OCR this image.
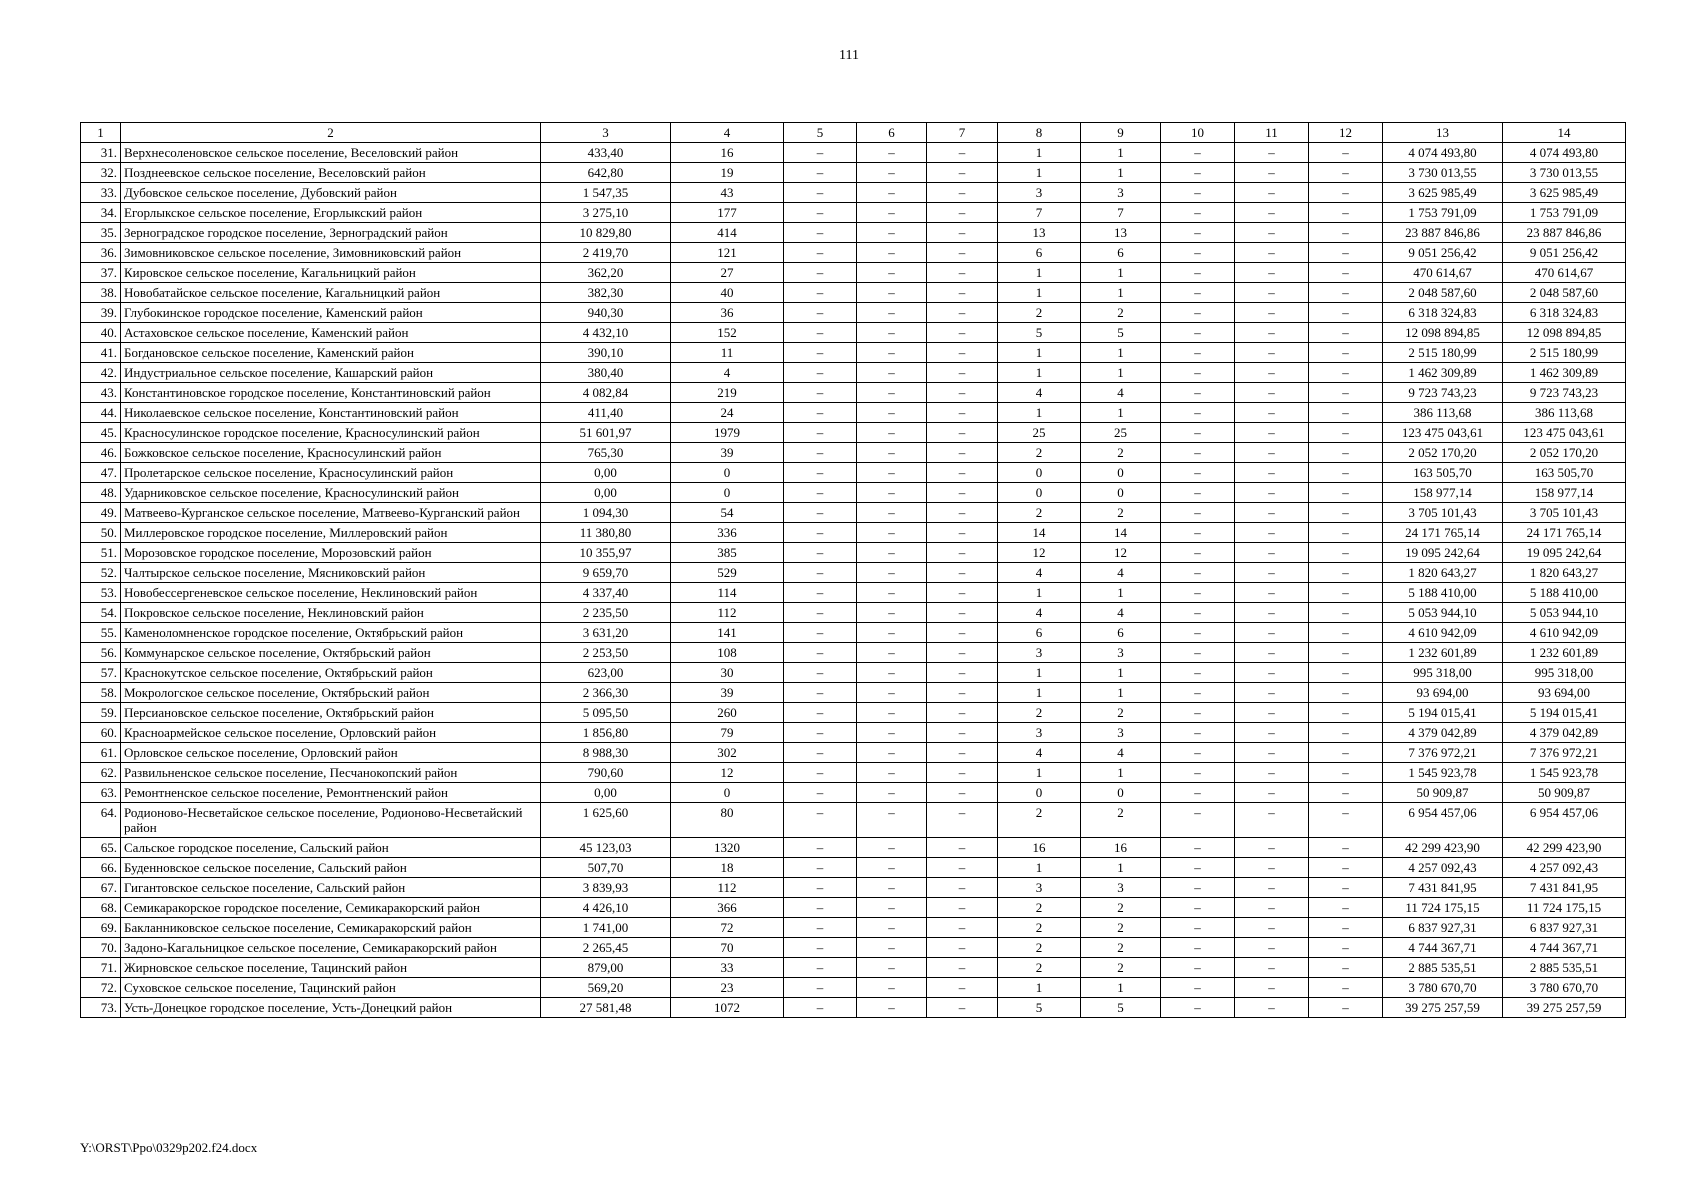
111
1	2	3	4	5	6	7	8	9	10	11	12	13	14
31.	Верхнесоленовское сельское поселение, Веселовский район	433,40	16	–	–	–	1	1	–	–	–	4 074 493,80	4 074 493,80
32.	Позднеевское сельское поселение, Веселовский район	642,80	19	–	–	–	1	1	–	–	–	3 730 013,55	3 730 013,55
33.	Дубовское сельское поселение, Дубовский район	1 547,35	43	–	–	–	3	3	–	–	–	3 625 985,49	3 625 985,49
34.	Егорлыкское сельское поселение, Егорлыкский район	3 275,10	177	–	–	–	7	7	–	–	–	1 753 791,09	1 753 791,09
35.	Зерноградское городское поселение, Зерноградский район	10 829,80	414	–	–	–	13	13	–	–	–	23 887 846,86	23 887 846,86
36.	Зимовниковское сельское поселение, Зимовниковский район	2 419,70	121	–	–	–	6	6	–	–	–	9 051 256,42	9 051 256,42
37.	Кировское сельское поселение, Кагальницкий район	362,20	27	–	–	–	1	1	–	–	–	470 614,67	470 614,67
38.	Новобатайское сельское поселение, Кагальницкий район	382,30	40	–	–	–	1	1	–	–	–	2 048 587,60	2 048 587,60
39.	Глубокинское городское поселение, Каменский район	940,30	36	–	–	–	2	2	–	–	–	6 318 324,83	6 318 324,83
40.	Астаховское сельское поселение, Каменский район	4 432,10	152	–	–	–	5	5	–	–	–	12 098 894,85	12 098 894,85
41.	Богдановское сельское поселение, Каменский район	390,10	11	–	–	–	1	1	–	–	–	2 515 180,99	2 515 180,99
42.	Индустриальное сельское поселение, Кашарский район	380,40	4	–	–	–	1	1	–	–	–	1 462 309,89	1 462 309,89
43.	Константиновское городское поселение, Константиновский район	4 082,84	219	–	–	–	4	4	–	–	–	9 723 743,23	9 723 743,23
44.	Николаевское сельское поселение, Константиновский район	411,40	24	–	–	–	1	1	–	–	–	386 113,68	386 113,68
45.	Красносулинское городское поселение, Красносулинский район	51 601,97	1979	–	–	–	25	25	–	–	–	123 475 043,61	123 475 043,61
46.	Божковское сельское поселение, Красносулинский район	765,30	39	–	–	–	2	2	–	–	–	2 052 170,20	2 052 170,20
47.	Пролетарское сельское поселение, Красносулинский район	0,00	0	–	–	–	0	0	–	–	–	163 505,70	163 505,70
48.	Ударниковское сельское поселение, Красносулинский район	0,00	0	–	–	–	0	0	–	–	–	158 977,14	158 977,14
49.	Матвеево-Курганское сельское поселение, Матвеево-Курганский район	1 094,30	54	–	–	–	2	2	–	–	–	3 705 101,43	3 705 101,43
50.	Миллеровское городское поселение, Миллеровский район	11 380,80	336	–	–	–	14	14	–	–	–	24 171 765,14	24 171 765,14
51.	Морозовское городское поселение, Морозовский район	10 355,97	385	–	–	–	12	12	–	–	–	19 095 242,64	19 095 242,64
52.	Чалтырское сельское поселение, Мясниковский район	9 659,70	529	–	–	–	4	4	–	–	–	1 820 643,27	1 820 643,27
53.	Новобессергеневское сельское поселение, Неклиновский район	4 337,40	114	–	–	–	1	1	–	–	–	5 188 410,00	5 188 410,00
54.	Покровское сельское поселение, Неклиновский район	2 235,50	112	–	–	–	4	4	–	–	–	5 053 944,10	5 053 944,10
55.	Каменоломненское городское поселение, Октябрьский район	3 631,20	141	–	–	–	6	6	–	–	–	4 610 942,09	4 610 942,09
56.	Коммунарское сельское поселение, Октябрьский район	2 253,50	108	–	–	–	3	3	–	–	–	1 232 601,89	1 232 601,89
57.	Краснокутское сельское поселение, Октябрьский район	623,00	30	–	–	–	1	1	–	–	–	995 318,00	995 318,00
58.	Мокрологское сельское поселение, Октябрьский район	2 366,30	39	–	–	–	1	1	–	–	–	93 694,00	93 694,00
59.	Персиановское сельское поселение, Октябрьский район	5 095,50	260	–	–	–	2	2	–	–	–	5 194 015,41	5 194 015,41
60.	Красноармейское сельское поселение, Орловский район	1 856,80	79	–	–	–	3	3	–	–	–	4 379 042,89	4 379 042,89
61.	Орловское сельское поселение, Орловский район	8 988,30	302	–	–	–	4	4	–	–	–	7 376 972,21	7 376 972,21
62.	Развильненское сельское поселение, Песчанокопский район	790,60	12	–	–	–	1	1	–	–	–	1 545 923,78	1 545 923,78
63.	Ремонтненское сельское поселение, Ремонтненский район	0,00	0	–	–	–	0	0	–	–	–	50 909,87	50 909,87
64.	Родионово-Несветайское сельское поселение, Родионово-Несветайский район	1 625,60	80	–	–	–	2	2	–	–	–	6 954 457,06	6 954 457,06
65.	Сальское городское поселение, Сальский район	45 123,03	1320	–	–	–	16	16	–	–	–	42 299 423,90	42 299 423,90
66.	Буденновское сельское поселение, Сальский район	507,70	18	–	–	–	1	1	–	–	–	4 257 092,43	4 257 092,43
67.	Гигантовское сельское поселение, Сальский район	3 839,93	112	–	–	–	3	3	–	–	–	7 431 841,95	7 431 841,95
68.	Семикаракорское городское поселение, Семикаракорский район	4 426,10	366	–	–	–	2	2	–	–	–	11 724 175,15	11 724 175,15
69.	Бакланниковское сельское поселение, Семикаракорский район	1 741,00	72	–	–	–	2	2	–	–	–	6 837 927,31	6 837 927,31
70.	Задоно-Кагальницкое сельское поселение, Семикаракорский район	2 265,45	70	–	–	–	2	2	–	–	–	4 744 367,71	4 744 367,71
71.	Жирновское сельское поселение, Тацинский район	879,00	33	–	–	–	2	2	–	–	–	2 885 535,51	2 885 535,51
72.	Суховское сельское поселение, Тацинский район	569,20	23	–	–	–	1	1	–	–	–	3 780 670,70	3 780 670,70
73.	Усть-Донецкое городское поселение, Усть-Донецкий район	27 581,48	1072	–	–	–	5	5	–	–	–	39 275 257,59	39 275 257,59
Y:\ORST\Ppo\0329p202.f24.docx
